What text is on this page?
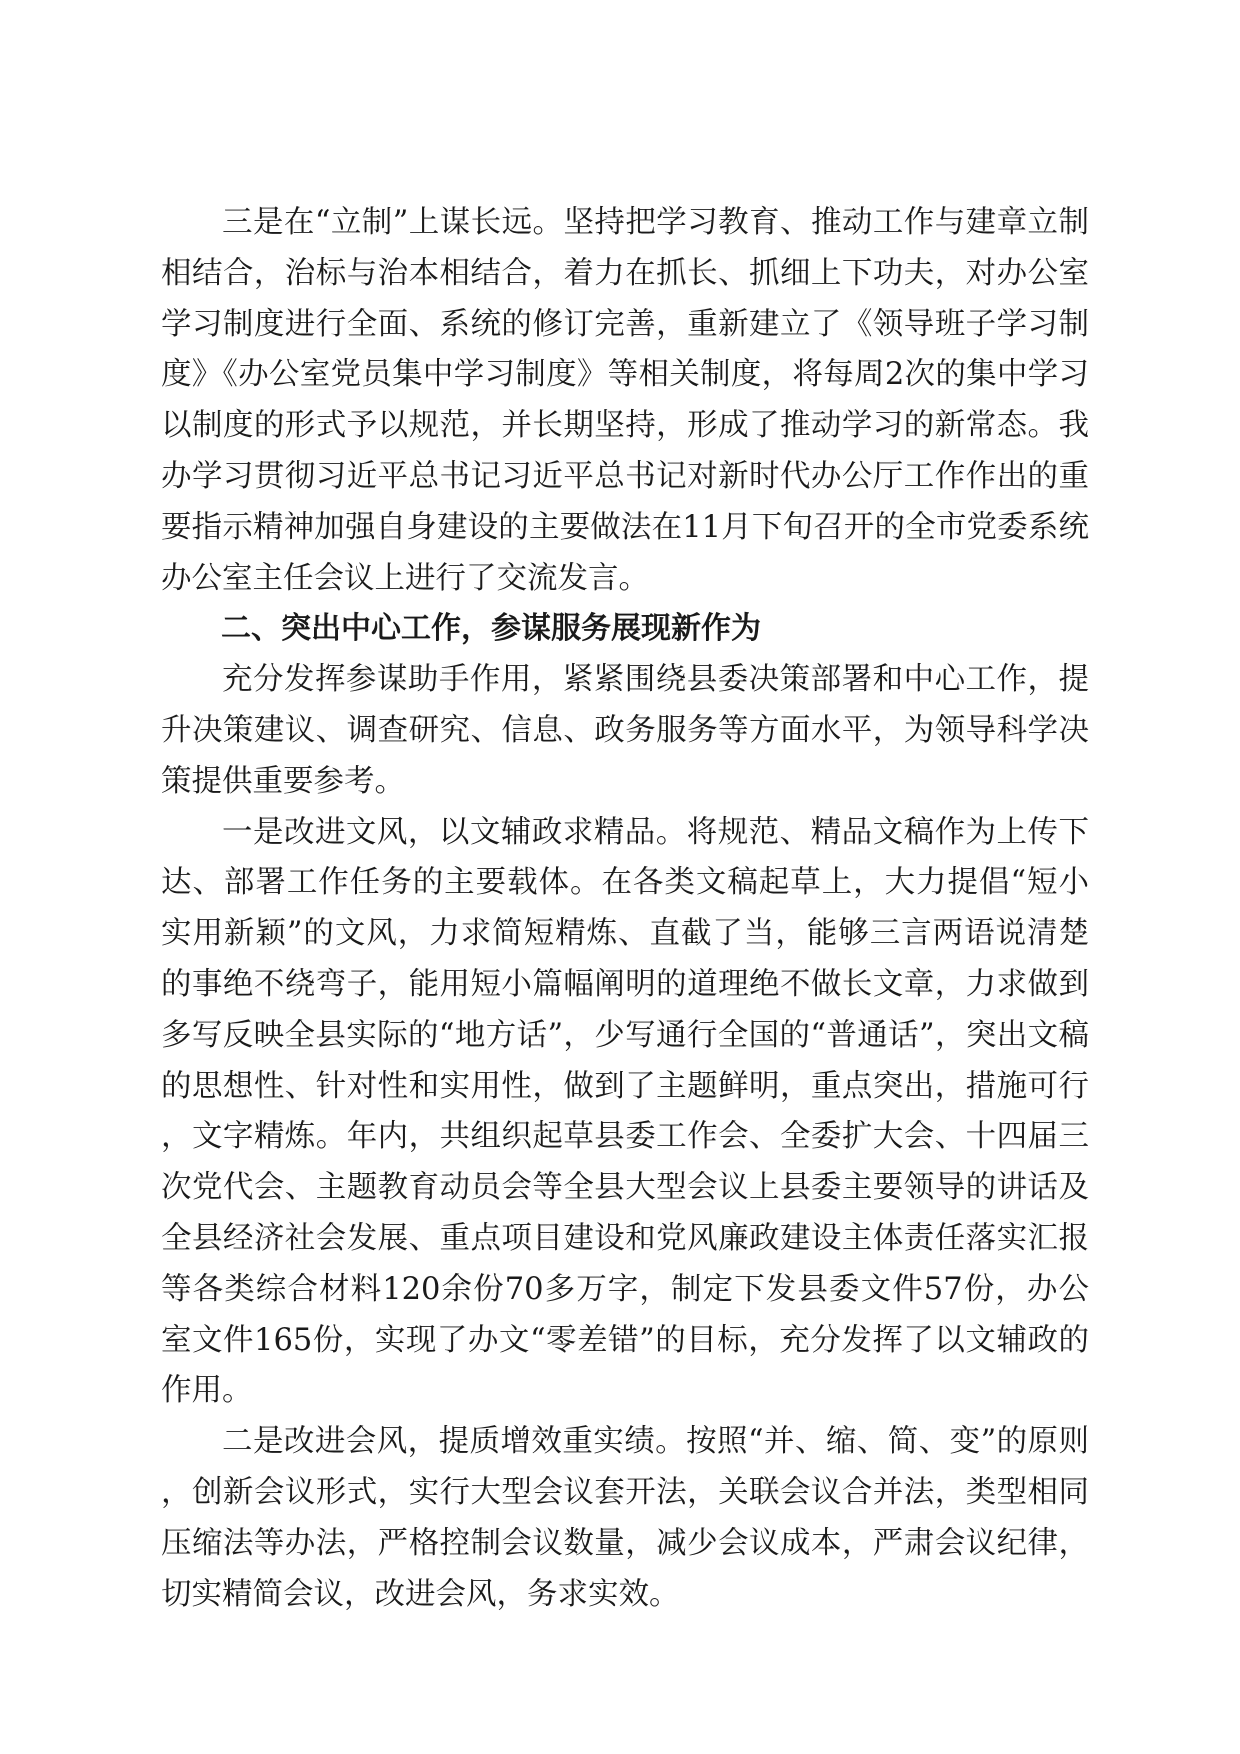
三是在“立制”上谋长远。坚持把学习教育、推动工作与建章立制相结合，治标与治本相结合，着力在抓长、抓细上下功夫，对办公室学习制度进行全面、系统的修订完善，重新建立了《领导班子学习制度》《办公室党员集中学习制度》等相关制度，将每周2次的集中学习以制度的形式予以规范，并长期坚持，形成了推动学习的新常态。我办学习贯彻习近平总书记习近平总书记对新时代办公厅工作作出的重要指示精神加强自身建设的主要做法在11月下旬召开的全市党委系统办公室主任会议上进行了交流发言。

二、突出中心工作，参谋服务展现新作为

充分发挥参谋助手作用，紧紧围绕县委决策部署和中心工作，提升决策建议、调查研究、信息、政务服务等方面水平，为领导科学决策提供重要参考。

一是改进文风，以文辅政求精品。将规范、精品文稿作为上传下达、部署工作任务的主要载体。在各类文稿起草上，大力提倡“短小实用新颖”的文风，力求简短精炼、直截了当，能够三言两语说清楚的事绝不绕弯子，能用短小篇幅阐明的道理绝不做长文章，力求做到多写反映全县实际的“地方话”，少写通行全国的“普通话”，突出文稿的思想性、针对性和实用性，做到了主题鲜明，重点突出，措施可行，文字精炼。年内，共组织起草县委工作会、全委扩大会、十四届三次党代会、主题教育动员会等全县大型会议上县委主要领导的讲话及全县经济社会发展、重点项目建设和党风廉政建设主体责任落实汇报等各类综合材料120余份70多万字，制定下发县委文件57份，办公室文件165份，实现了办文“零差错”的目标，充分发挥了以文辅政的作用。

二是改进会风，提质增效重实绩。按照“并、缩、简、变”的原则，创新会议形式，实行大型会议套开法，关联会议合并法，类型相同压缩法等办法，严格控制会议数量，减少会议成本，严肃会议纪律，切实精简会议，改进会风，务求实效。
